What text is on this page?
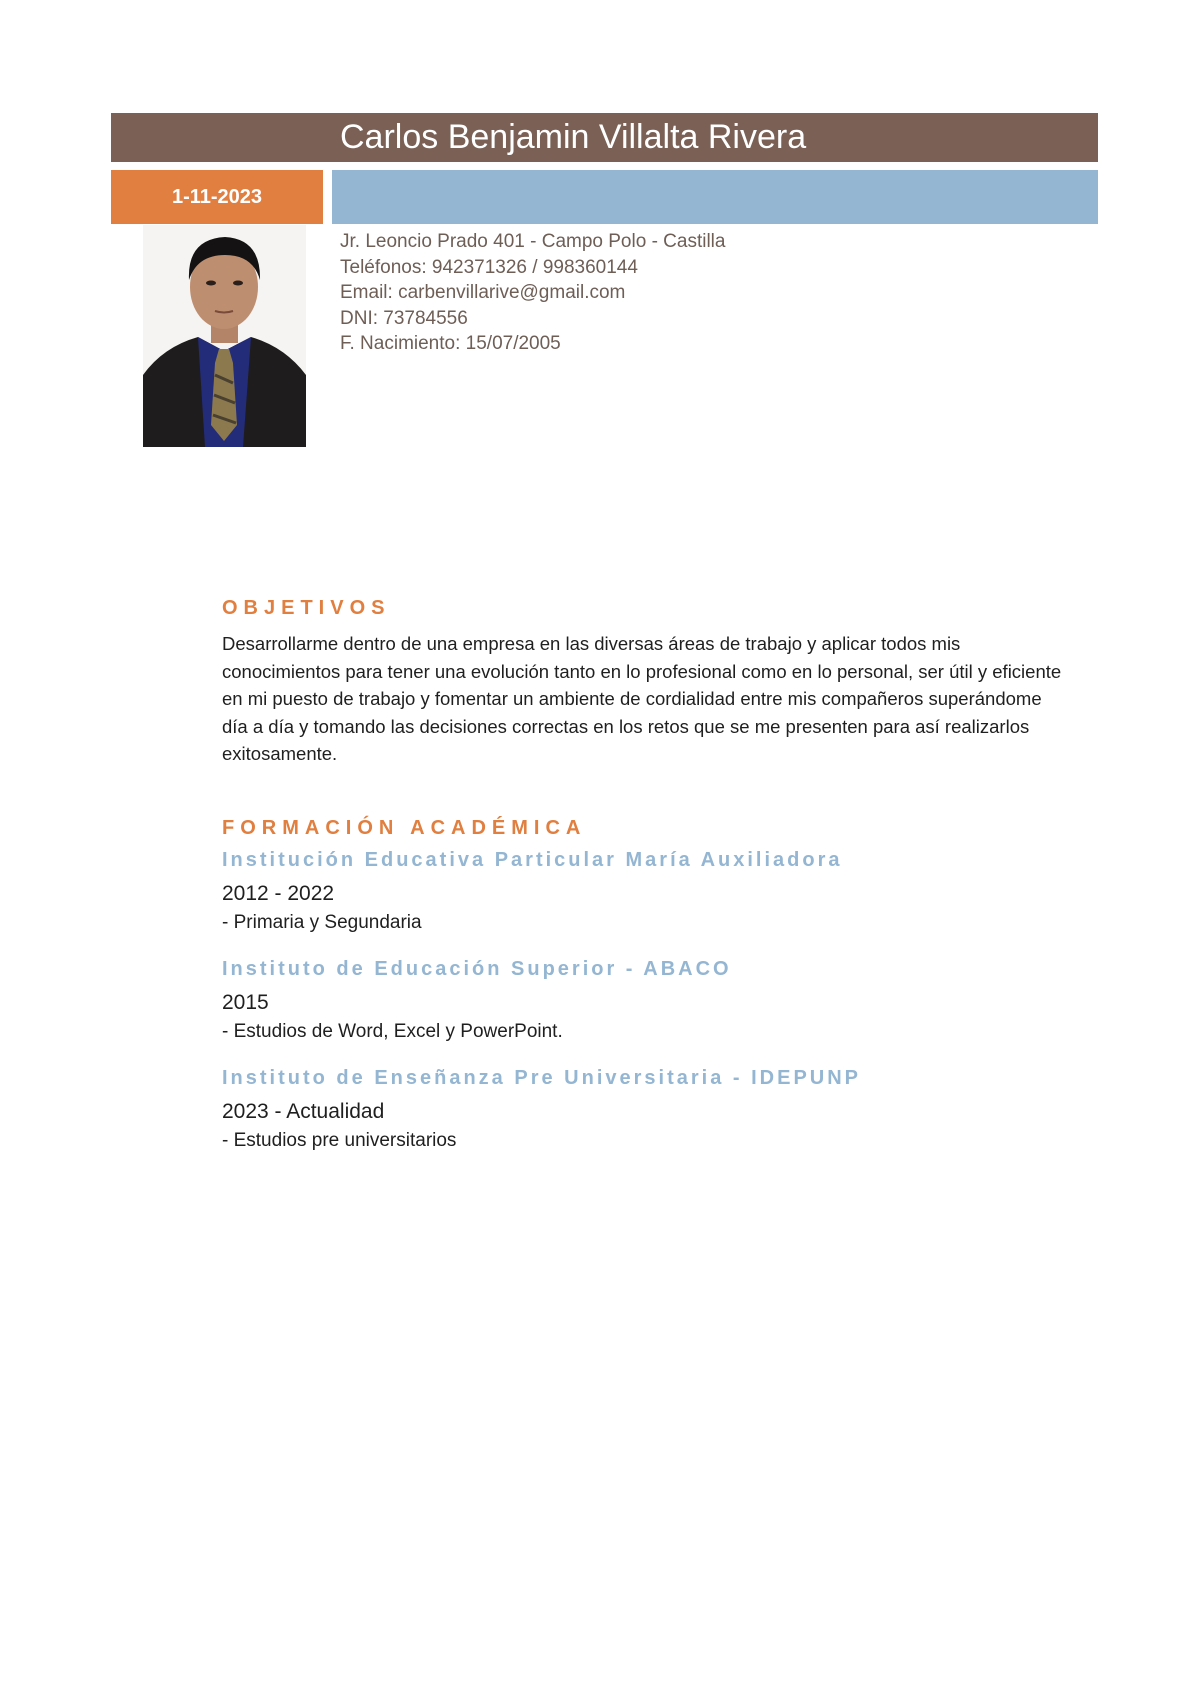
Carlos Benjamin Villalta Rivera
1-11-2023
Jr. Leoncio Prado 401 - Campo Polo - Castilla
Teléfonos: 942371326 / 998360144
Email: carbenvillarive@gmail.com
DNI: 73784556
F. Nacimiento: 15/07/2005
OBJETIVOS
Desarrollarme dentro de una empresa en las diversas áreas de trabajo y aplicar todos mis conocimientos para tener una evolución tanto en lo profesional como en lo personal, ser útil y eficiente en mi puesto de trabajo y fomentar un ambiente de cordialidad entre mis compañeros superándome día a día y tomando las decisiones correctas en los retos que se me presenten para así realizarlos exitosamente.
FORMACIÓN ACADÉMICA
Institución Educativa Particular María Auxiliadora
2012 - 2022
- Primaria y Segundaria
Instituto de Educación Superior - ABACO
2015
- Estudios de Word, Excel y PowerPoint.
Instituto de Enseñanza Pre Universitaria - IDEPUNP
2023 - Actualidad
- Estudios pre universitarios
